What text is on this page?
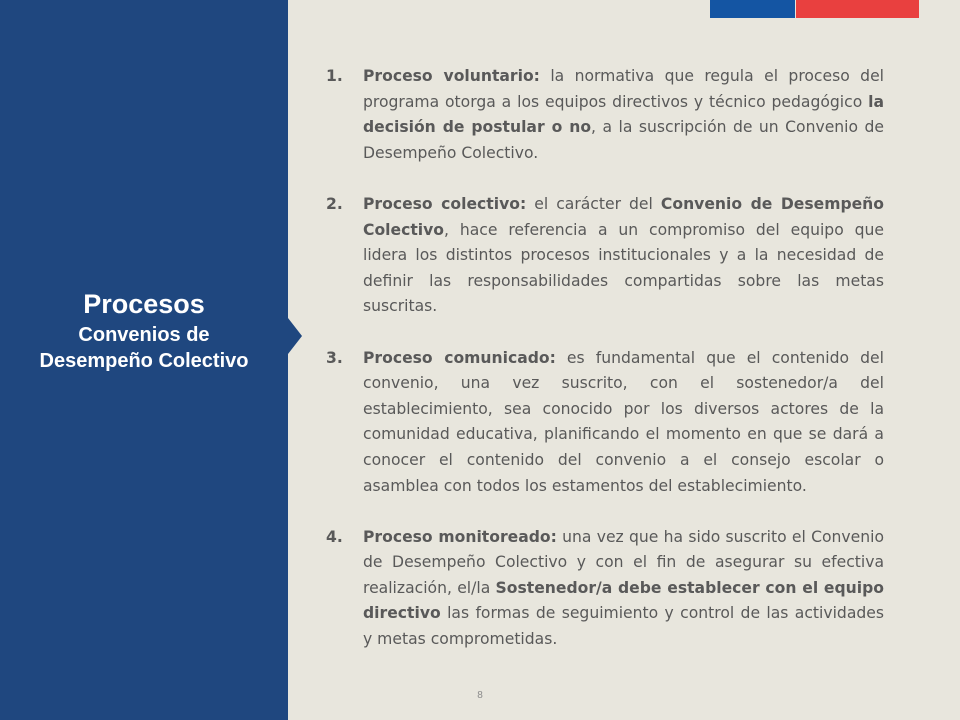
Procesos
Convenios de
Desempeño Colectivo
1.	Proceso voluntario: la normativa que regula el proceso del programa otorga a los equipos directivos y técnico pedagógico la decisión de postular o no, a la suscripción de un Convenio de Desempeño Colectivo.
2.	Proceso colectivo: el carácter del Convenio de Desempeño Colectivo, hace referencia a un compromiso del equipo que lidera los distintos procesos institucionales y a la necesidad de definir las responsabilidades compartidas sobre las metas suscritas.
3.	Proceso comunicado: es fundamental que el contenido del convenio, una vez suscrito, con el sostenedor/a del establecimiento, sea conocido por los diversos actores de la comunidad educativa, planificando el momento en que se dará a conocer el contenido del convenio a el consejo escolar o asamblea con todos los estamentos del establecimiento.
4.	Proceso monitoreado: una vez que ha sido suscrito el Convenio de Desempeño Colectivo y con el fin de asegurar su efectiva realización, el/la Sostenedor/a debe establecer con el equipo directivo las formas de seguimiento y control de las actividades y metas comprometidas.
8
